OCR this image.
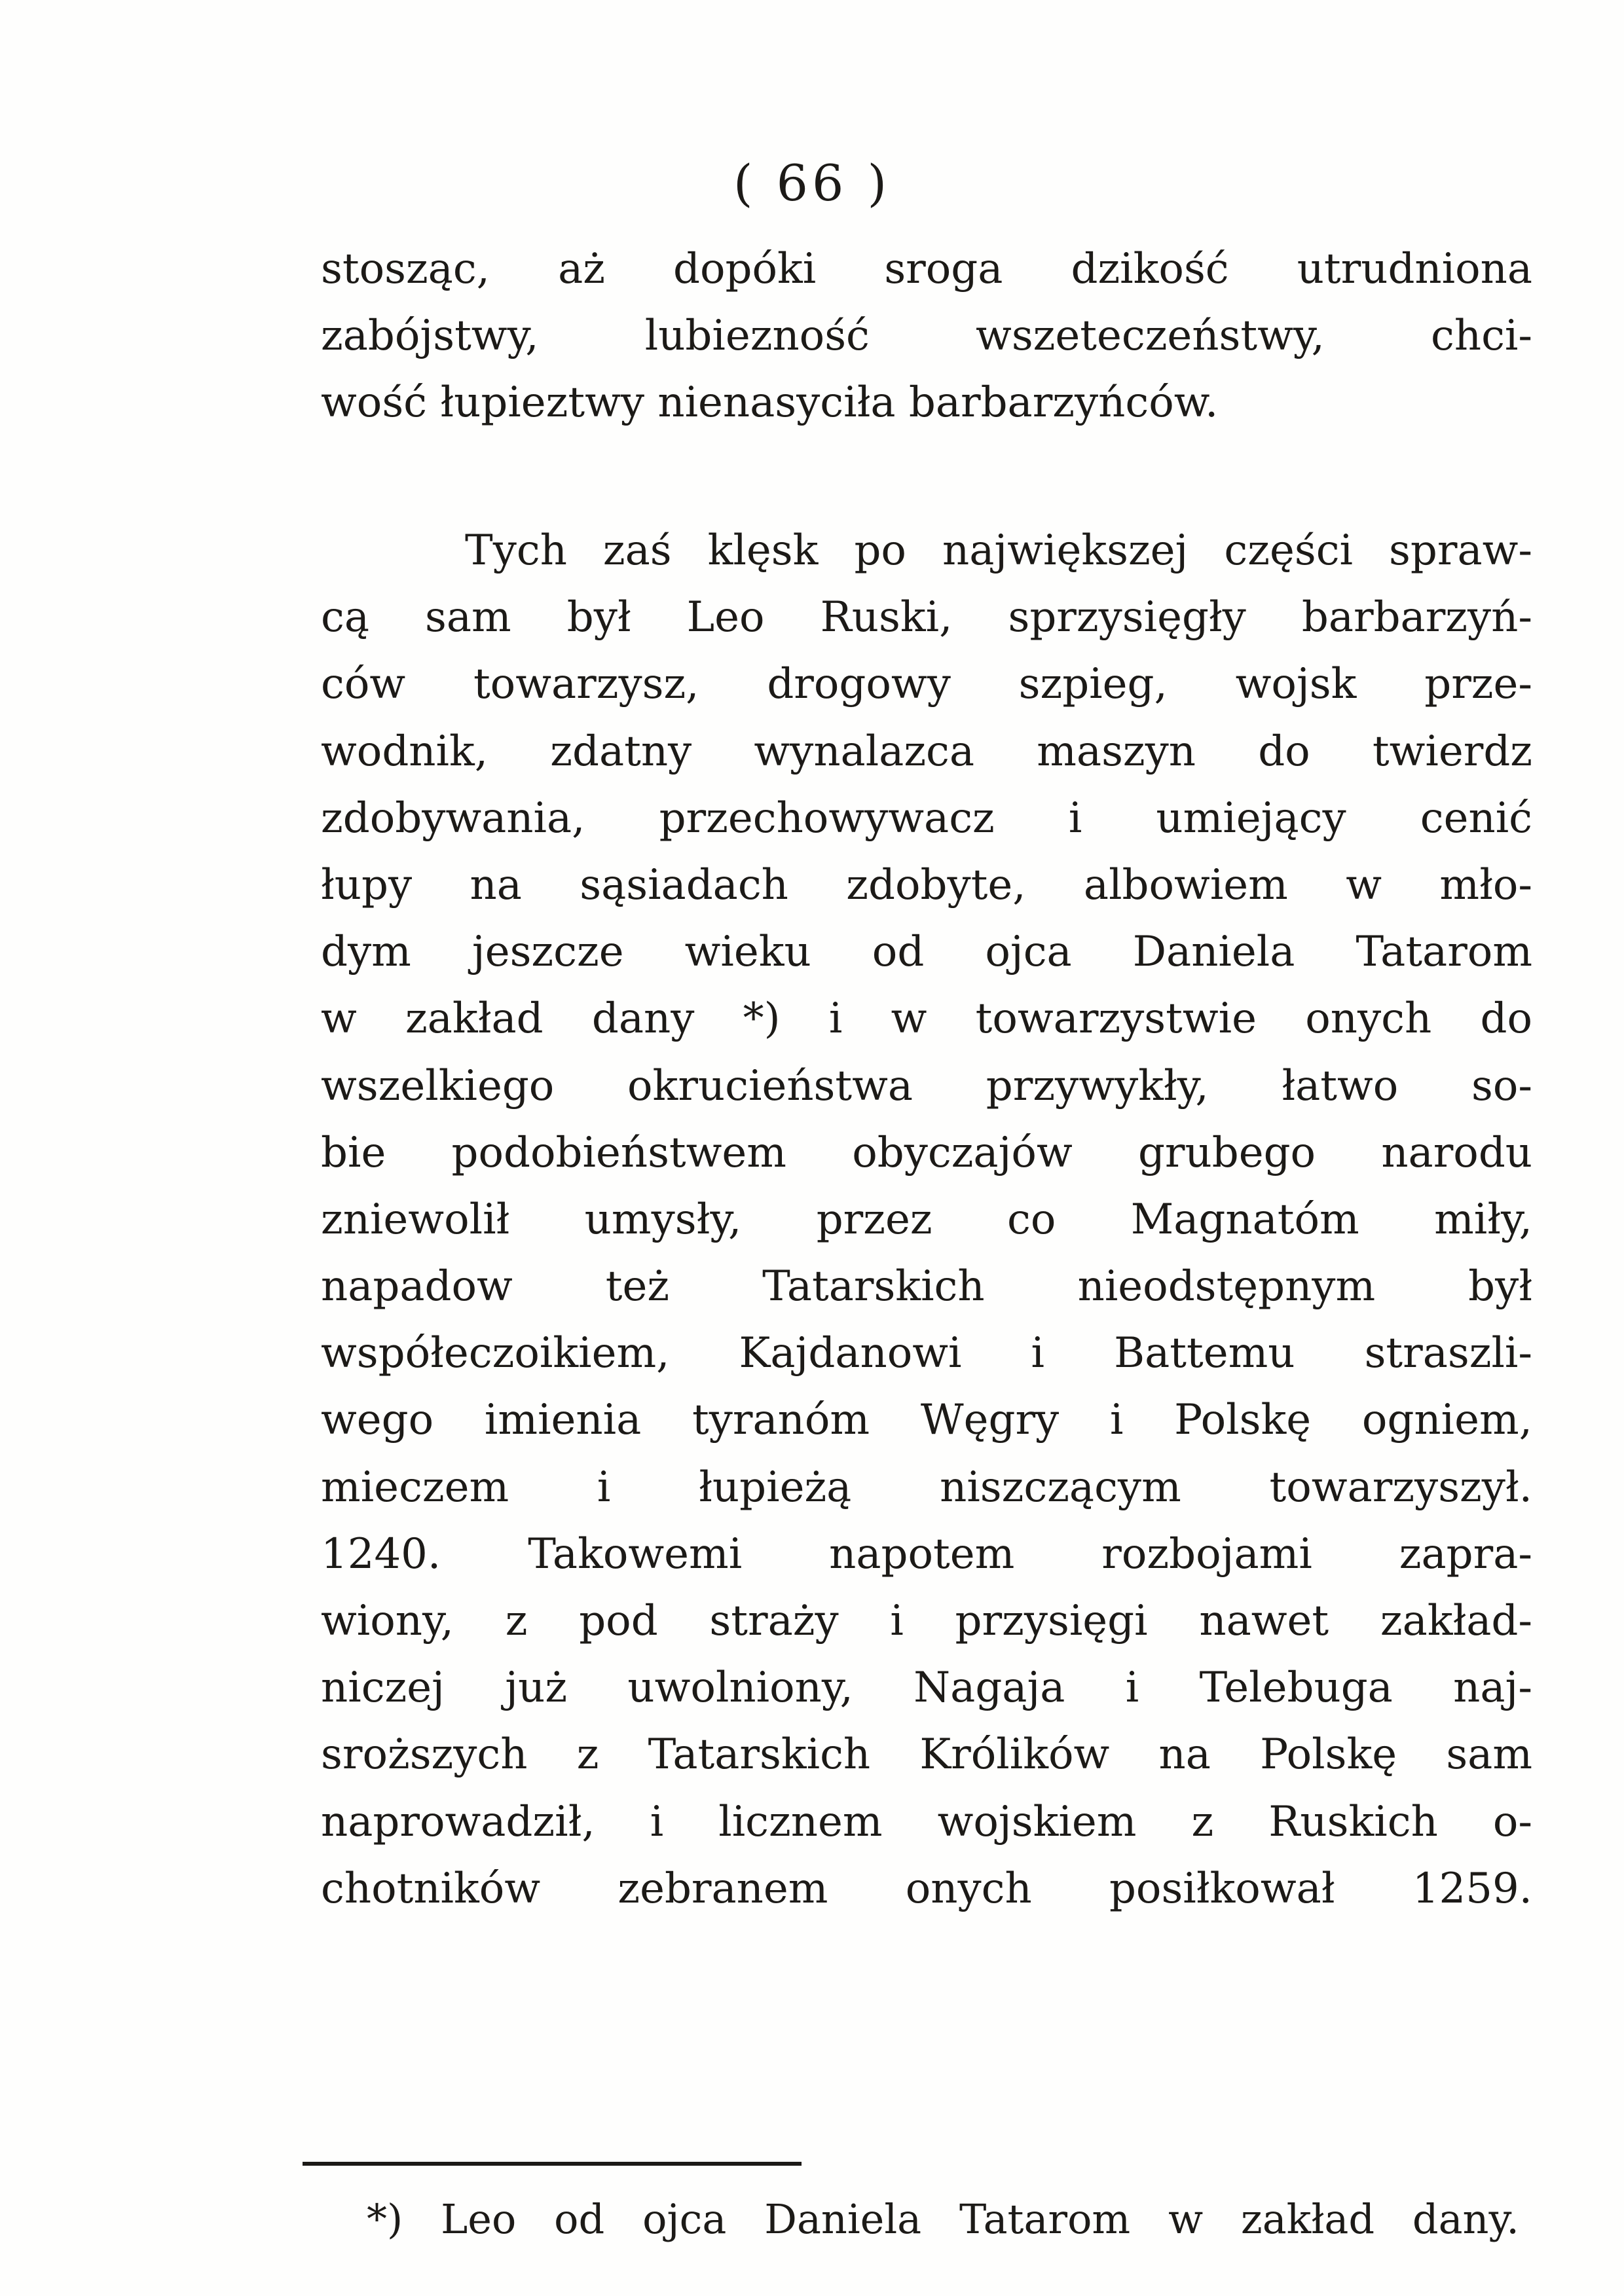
( 66 )
stosząc, aż dopóki sroga dzikość utrudniona
zabójstwy, lubiezność wszeteczeństwy, chci-
wość łupieztwy nienasyciła barbarzyńców.
Tych zaś klęsk po największej części spraw-
cą sam był Leo Ruski, sprzysięgły barbarzyń-
ców towarzysz, drogowy szpieg, wojsk prze-
wodnik, zdatny wynalazca maszyn do twierdz
zdobywania, przechowywacz i umiejący cenić
łupy na sąsiadach zdobyte, albowiem w mło-
dym jeszcze wieku od ojca Daniela Tatarom
w zakład dany *) i w towarzystwie onych do
wszelkiego okrucieństwa przywykły, łatwo so-
bie podobieństwem obyczajów grubego narodu
zniewolił umysły, przez co Magnatóm miły,
napadow też Tatarskich nieodstępnym był
współeczoikiem, Kajdanowi i Battemu straszli-
wego imienia tyranóm Węgry i Polskę ogniem,
mieczem i łupieżą niszczącym towarzyszył.
1240. Takowemi napotem rozbojami zapra-
wiony, z pod straży i przysięgi nawet zakład-
niczej już uwolniony, Nagaja i Telebuga naj-
sroższych z Tatarskich Królików na Polskę sam
naprowadził, i licznem wojskiem z Ruskich o-
chotników zebranem onych posiłkował 1259.
*) Leo od ojca Daniela Tatarom w zakład dany.
